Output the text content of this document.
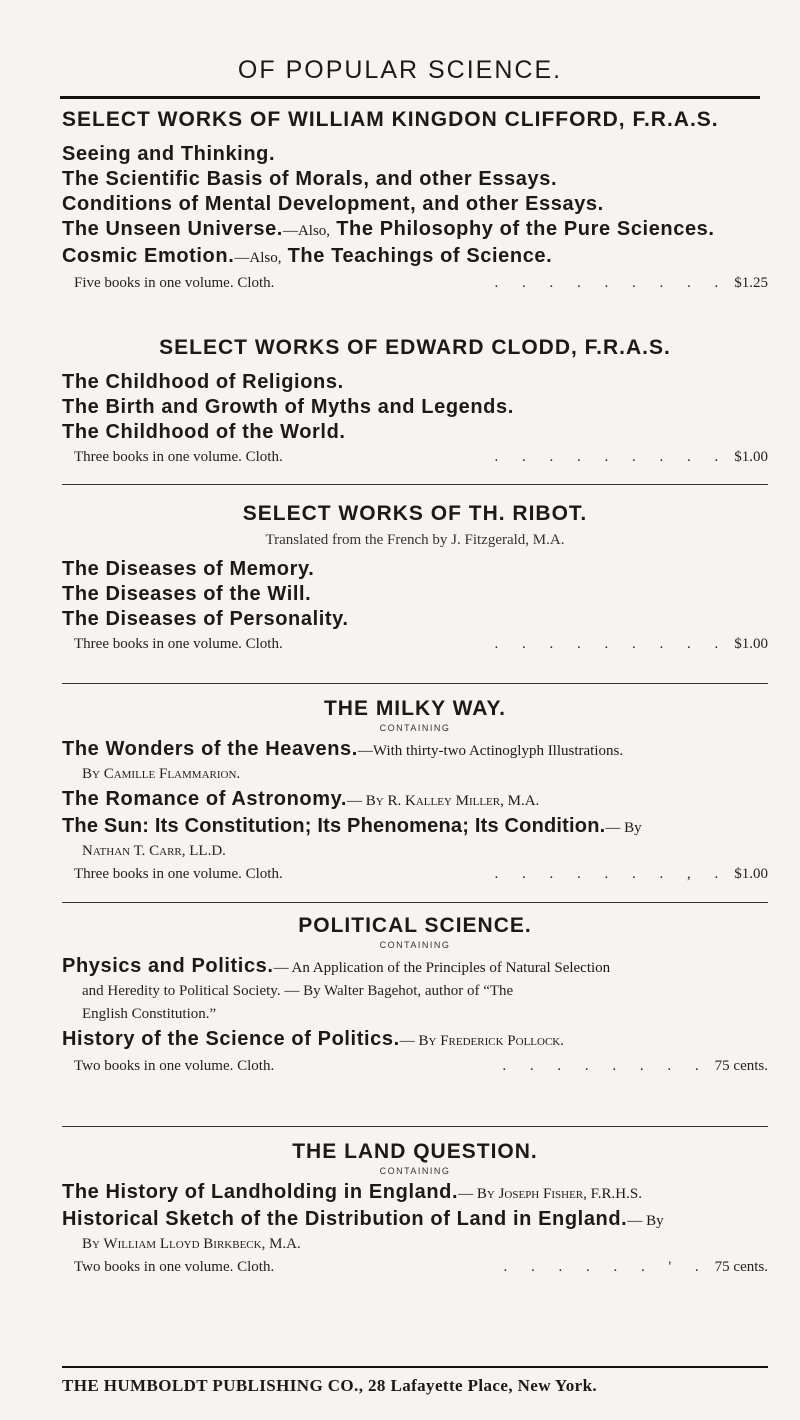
OF POPULAR SCIENCE.

SELECT WORKS OF WILLIAM KINGDON CLIFFORD, F.R.A.S.

Seeing and Thinking.

The Scientific Basis of Morals, and other Essays.

Conditions of Mental Development, and other Essays.

The Unseen Universe.—Also, The Philosophy of the Pure Sciences.

Cosmic Emotion.—Also, The Teachings of Science.

Five books in one volume. Cloth.	. . . . . . . . . $1.25

SELECT WORKS OF EDWARD CLODD, F.R.A.S.

The Childhood of Religions.

The Birth and Growth of Myths and Legends.

The Childhood of the World.

Three books in one volume. Cloth.	. . . . . . . . . $1.00

SELECT WORKS OF TH. RIBOT.

Translated from the French by J. Fitzgerald, M.A.

The Diseases of Memory.

The Diseases of the Will.

The Diseases of Personality.

Three books in one volume. Cloth.	. . . . . . . . . $1.00

THE MILKY WAY.

CONTAINING

The Wonders of the Heavens.—With thirty-two Actinoglyph Illustrations.

By Camille Flammarion.

The Romance of Astronomy.— By R. Kalley Miller, M.A.

The Sun: Its Constitution; Its Phenomena; Its Condition.— By

Nathan T. Carr, LL.D.

Three books in one volume. Cloth.	. . . . . . . , . $1.00

POLITICAL SCIENCE.

CONTAINING

Physics and Politics.— An Application of the Principles of Natural Selection

and Heredity to Political Society. — By Walter Bagehot, author of “The

English Constitution.”

History of the Science of Politics.— By Frederick Pollock.

Two books in one volume. Cloth.	. . . . . . . . 75 cents.

THE LAND QUESTION.

CONTAINING

The History of Landholding in England.— By Joseph Fisher, F.R.H.S.

Historical Sketch of the Distribution of Land in England.— By

By William Lloyd Birkbeck, M.A.

Two books in one volume. Cloth.	. . . . . . ' . 75 cents.
THE HUMBOLDT PUBLISHING CO., 28 Lafayette Place, New York.
